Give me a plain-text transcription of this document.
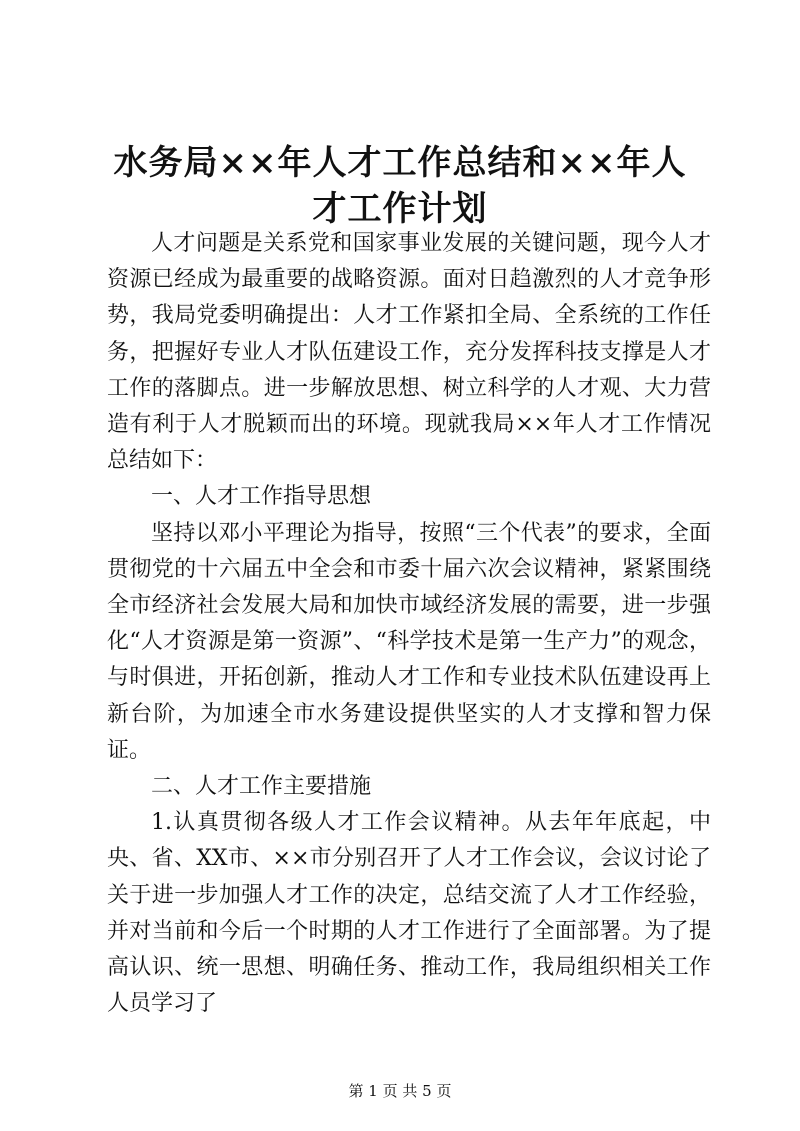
水务局××年人才工作总结和××年人才工作计划

人才问题是关系党和国家事业发展的关键问题，现今人才资源已经成为最重要的战略资源。面对日趋激烈的人才竞争形势，我局党委明确提出：人才工作紧扣全局、全系统的工作任务，把握好专业人才队伍建设工作，充分发挥科技支撑是人才工作的落脚点。进一步解放思想、树立科学的人才观、大力营造有利于人才脱颖而出的环境。现就我局××年人才工作情况总结如下：

一、人才工作指导思想

坚持以邓小平理论为指导，按照“三个代表”的要求，全面贯彻党的十六届五中全会和市委十届六次会议精神，紧紧围绕全市经济社会发展大局和加快市域经济发展的需要，进一步强化“人才资源是第一资源”、“科学技术是第一生产力”的观念，与时俱进，开拓创新，推动人才工作和专业技术队伍建设再上新台阶，为加速全市水务建设提供坚实的人才支撑和智力保证。

二、人才工作主要措施

1.认真贯彻各级人才工作会议精神。从去年年底起，中央、省、XX市、××市分别召开了人才工作会议，会议讨论了关于进一步加强人才工作的决定，总结交流了人才工作经验，并对当前和今后一个时期的人才工作进行了全面部署。为了提高认识、统一思想、明确任务、推动工作，我局组织相关工作人员学习了

第 1 页 共 5 页
